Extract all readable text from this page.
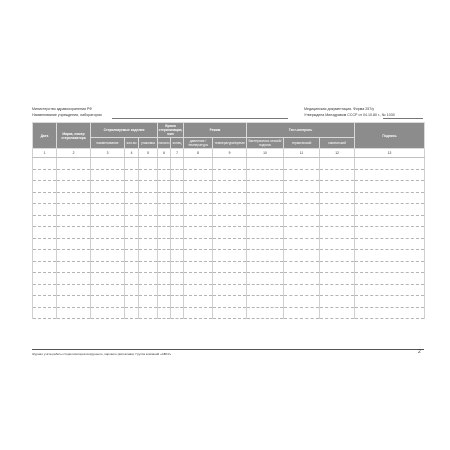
Министерство здравоохранения РФ
Наименование учреждения, лаборатории
Медицинская документация. Форма 257/у
Утверждена Минздравом СССР от 04.10.80 г., № 1030
Дата	Марка, номер стерилизатора	Стерилизуемые изделия			Время стерилизации, мин		Режим		Тест-контроль			Подпись
		наименование	кол-во	упаковка	начало	конец	давление / температура	температура/время	бактериологи-ческий/подпись	термический	химический	
1	2	3	4	5	6	7	8	9	10	11	12	13

Журнал учёта работы стерилизаторов воздушного, парового (автоклава). Группа компаний «АВСУ»	2
